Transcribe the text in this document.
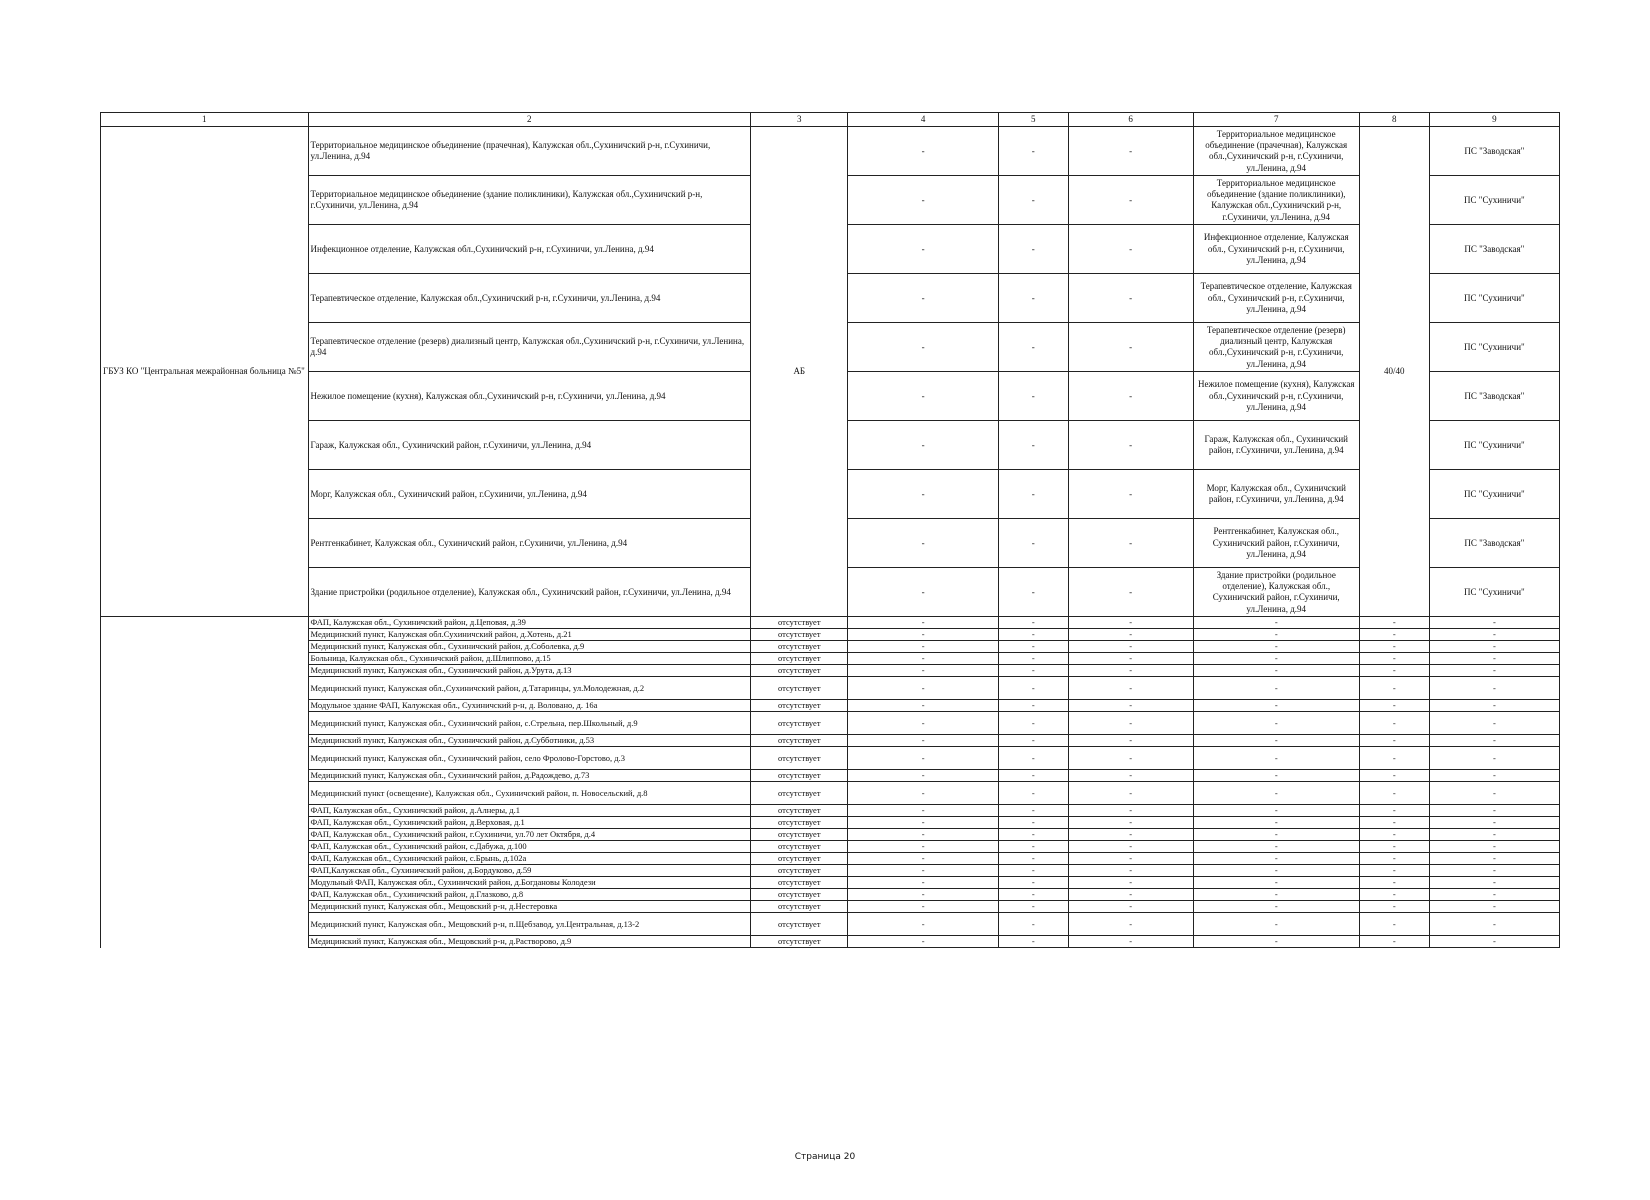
1	2	3	4	5	6	7	8	9
ГБУЗ КО "Центральная межрайонная больница №5"	Территориальное медицинское объединение (прачечная), Калужская обл.,Сухиничский р-н, г.Сухиничи, ул.Ленина, д.94	АБ	-	-	-	Территориальное медицинское объединение (прачечная), Калужская обл.,Сухиничский р-н, г.Сухиничи, ул.Ленина, д.94	40/40	ПС "Заводская"
	Территориальное медицинское объединение (здание поликлиники), Калужская обл.,Сухиничский р-н, г.Сухиничи, ул.Ленина, д.94		-	-	-	Территориальное медицинское объединение (здание поликлиники), Калужская обл.,Сухиничский р-н, г.Сухиничи, ул.Ленина, д.94		ПС "Сухиничи"
	Инфекционное отделение, Калужская обл.,Сухиничский р-н, г.Сухиничи, ул.Ленина, д.94		-	-	-	Инфекционное отделение, Калужская обл., Сухиничский р-н, г.Сухиничи, ул.Ленина, д.94		ПС "Заводская"
	Терапевтическое отделение, Калужская обл.,Сухиничский р-н, г.Сухиничи, ул.Ленина, д.94		-	-	-	Терапевтическое отделение, Калужская обл., Сухиничский р-н, г.Сухиничи, ул.Ленина, д.94		ПС "Сухиничи"
	Терапевтическое отделение (резерв) диализный центр, Калужская обл.,Сухиничский р-н, г.Сухиничи, ул.Ленина, д.94		-	-	-	Терапевтическое отделение (резерв) диализный центр, Калужская обл.,Сухиничский р-н, г.Сухиничи, ул.Ленина, д.94		ПС "Сухиничи"
	Нежилое помещение (кухня), Калужская обл.,Сухиничский р-н, г.Сухиничи, ул.Ленина, д.94		-	-	-	Нежилое помещение (кухня), Калужская обл.,Сухиничский р-н, г.Сухиничи, ул.Ленина, д.94		ПС "Заводская"
	Гараж, Калужская обл., Сухиничский район, г.Сухиничи, ул.Ленина, д.94		-	-	-	Гараж, Калужская обл., Сухиничский район, г.Сухиничи, ул.Ленина, д.94		ПС "Сухиничи"
	Морг, Калужская обл., Сухиничский район, г.Сухиничи, ул.Ленина, д.94		-	-	-	Морг, Калужская обл., Сухиничский район, г.Сухиничи, ул.Ленина, д.94		ПС "Сухиничи"
	Рентгенкабинет, Калужская обл., Сухиничский район, г.Сухиничи, ул.Ленина, д.94		-	-	-	Рентгенкабинет, Калужская обл., Сухиничский район, г.Сухиничи, ул.Ленина, д.94		ПС "Заводская"
	Здание пристройки (родильное отделение), Калужская обл., Сухиничский район, г.Сухиничи, ул.Ленина, д.94		-	-	-	Здание пристройки (родильное отделение), Калужская обл., Сухиничский район, г.Сухиничи, ул.Ленина, д.94		ПС "Сухиничи"
	ФАП, Калужская обл., Сухиничский район, д.Цеповая, д.39	отсутствует	-	-	-	-	-	-
	Медицинский пункт, Калужская обл.Сухиничский район, д.Хотень, д.21	отсутствует	-	-	-	-	-	-
	Медицинский пункт, Калужская обл., Сухиничский район, д.Соболевка, д.9	отсутствует	-	-	-	-	-	-
	Больница, Калужская обл., Сухиничский район, д.Шлиппово, д.15	отсутствует	-	-	-	-	-	-
	Медицинский пункт, Калужская обл., Сухиничский район, д.Урута, д.13	отсутствует	-	-	-	-	-	-
	Медицинский пункт, Калужская обл.,Сухиничский район, д.Татаринцы, ул.Молодежная, д.2	отсутствует	-	-	-	-	-	-
	Модульное здание ФАП, Калужская обл., Сухиничский р-н, д. Воловано, д. 16а	отсутствует	-	-	-	-	-	-
	Медицинский пункт, Калужская обл., Сухиничский район, с.Стрельна, пер.Школьный, д.9	отсутствует	-	-	-	-	-	-
	Медицинский пункт, Калужская обл., Сухиничский район, д.Субботники, д.53	отсутствует	-	-	-	-	-	-
	Медицинский пункт, Калужская обл., Сухиничский район, село Фролово-Горстово, д.3	отсутствует	-	-	-	-	-	-
	Медицинский пункт, Калужская обл., Сухиничский район, д.Радождево, д.73	отсутствует	-	-	-	-	-	-
	Медицинский пункт (освещение), Калужская обл., Сухиничский район, п. Новосельский, д.8	отсутствует	-	-	-	-	-	-
	ФАП, Калужская обл., Сухиничский район, д.Алнеры, д.1	отсутствует	-	-	-	-	-	-
	ФАП, Калужская обл., Сухиничский район, д.Верховая, д.1	отсутствует	-	-	-	-	-	-
	ФАП, Калужская обл., Сухиничский район, г.Сухиничи, ул.70 лет Октября, д.4	отсутствует	-	-	-	-	-	-
	ФАП, Калужская обл., Сухиничский район, с.Дабужа, д.100	отсутствует	-	-	-	-	-	-
	ФАП, Калужская обл., Сухиничский район, с.Брынь, д.102а	отсутствует	-	-	-	-	-	-
	ФАП,Калужская обл., Сухиничский район, д.Бордуково, д.59	отсутствует	-	-	-	-	-	-
	Модульный ФАП, Калужская обл., Сухиничский район, д.Богдановы Колодези	отсутствует	-	-	-	-	-	-
	ФАП, Калужская обл., Сухиничский район, д.Глазково, д.8	отсутствует	-	-	-	-	-	-
	Медицинский пункт, Калужская обл., Мещовский р-н, д.Нестеровка	отсутствует	-	-	-	-	-	-
	Медицинский пункт, Калужская обл., Мещовский р-н, п.Щебзавод, ул.Центральная, д.13-2	отсутствует	-	-	-	-	-	-
	Медицинский пункт, Калужская обл., Мещовский р-н, д.Растворово, д.9	отсутствует	-	-	-	-	-	-
Страница 20
